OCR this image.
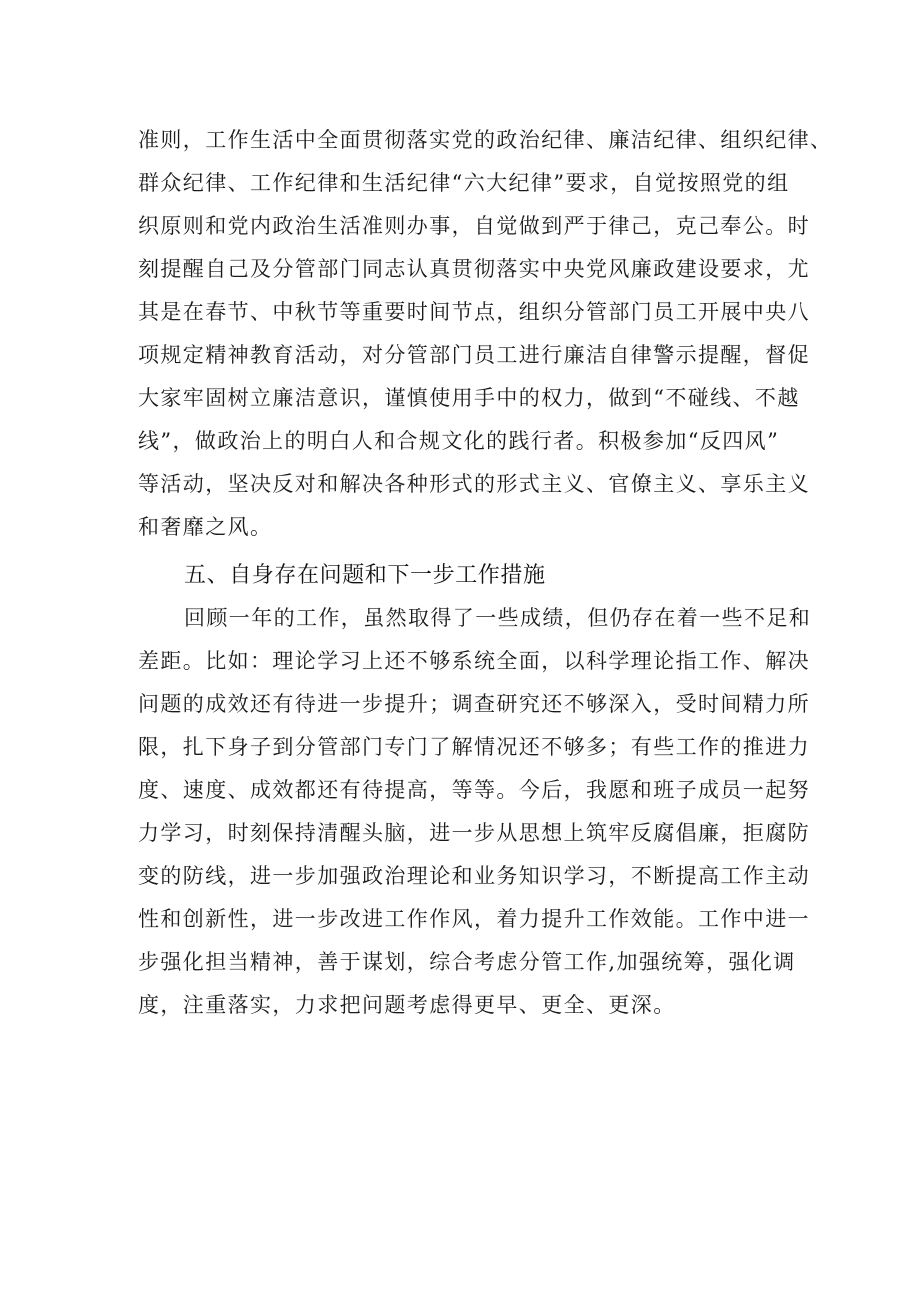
准则，工作生活中全面贯彻落实党的政治纪律、廉洁纪律、组织纪律、
群众纪律、工作纪律和生活纪律“六大纪律”要求，自觉按照党的组
织原则和党内政治生活准则办事，自觉做到严于律己，克己奉公。时
刻提醒自己及分管部门同志认真贯彻落实中央党风廉政建设要求，尤
其是在春节、中秋节等重要时间节点，组织分管部门员工开展中央八
项规定精神教育活动，对分管部门员工进行廉洁自律警示提醒，督促
大家牢固树立廉洁意识，谨慎使用手中的权力，做到“不碰线、不越
线”，做政治上的明白人和合规文化的践行者。积极参加“反四风”
等活动，坚决反对和解决各种形式的形式主义、官僚主义、享乐主义
和奢靡之风。
五、自身存在问题和下一步工作措施
回顾一年的工作，虽然取得了一些成绩，但仍存在着一些不足和
差距。比如：理论学习上还不够系统全面，以科学理论指工作、解决
问题的成效还有待进一步提升；调查研究还不够深入，受时间精力所
限，扎下身子到分管部门专门了解情况还不够多；有些工作的推进力
度、速度、成效都还有待提高，等等。今后，我愿和班子成员一起努
力学习，时刻保持清醒头脑，进一步从思想上筑牢反腐倡廉，拒腐防
变的防线，进一步加强政治理论和业务知识学习，不断提高工作主动
性和创新性，进一步改进工作作风，着力提升工作效能。工作中进一
步强化担当精神，善于谋划，综合考虑分管工作,加强统筹，强化调
度，注重落实，力求把问题考虑得更早、更全、更深。
